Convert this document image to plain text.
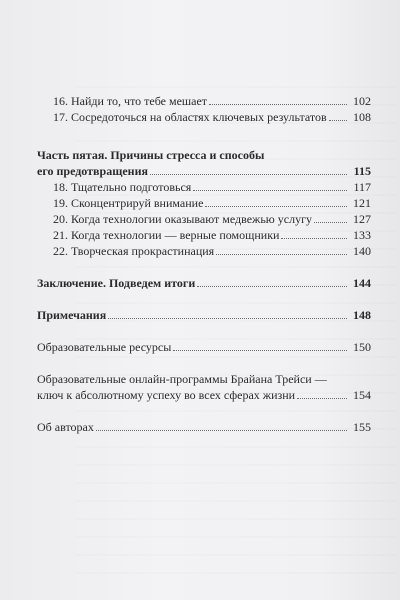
16. Найди то, что тебе мешает	102
17. Сосредоточься на областях ключевых результатов	108
Часть пятая. Причины стресса и способы
его предотвращения	115
18. Тщательно подготовься	117
19. Сконцентрируй внимание	121
20. Когда технологии оказывают медвежью услугу	127
21. Когда технологии — верные помощники	133
22. Творческая прокрастинация	140
Заключение. Подведем итоги	144
Примечания	148
Образовательные ресурсы	150
Образовательные онлайн-программы Брайана Трейси —
ключ к абсолютному успеху во всех сферах жизни	154
Об авторах	155
